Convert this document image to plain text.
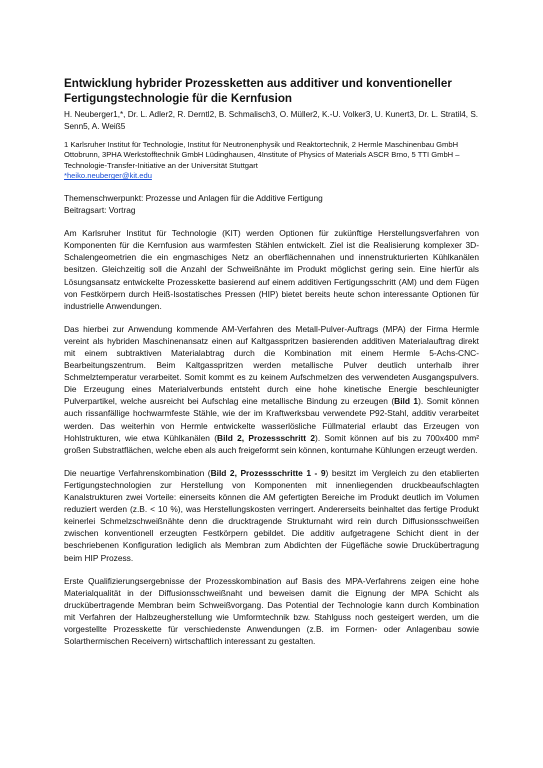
Entwicklung hybrider Prozessketten aus additiver und konventioneller Fertigungstechnologie für die Kernfusion
H. Neuberger1,*, Dr. L. Adler2, R. Derntl2, B. Schmalisch3, O. Müller2, K.-U. Volker3, U. Kunert3, Dr. L. Stratil4, S. Senn5, A. Weiß5
1 Karlsruher Institut für Technologie, Institut für Neutronenphysik und Reaktortechnik, 2 Hermle Maschinenbau GmbH Ottobrunn, 3PHA Werkstofftechnik GmbH Lüdinghausen, 4Institute of Physics of Materials ASCR Brno, 5 TTI GmbH – Technologie-Transfer-Initiative an der Universität Stuttgart
*heiko.neuberger@kit.edu
Themenschwerpunkt: Prozesse und Anlagen für die Additive Fertigung
Beitragsart: Vortrag

Am Karlsruher Institut für Technologie (KIT) werden Optionen für zukünftige Herstellungsverfahren von Komponenten für die Kernfusion aus warmfesten Stählen entwickelt. Ziel ist die Realisierung komplexer 3D-Schalengeometrien die ein engmaschiges Netz an oberflächennahen und innenstrukturierten Kühlkanälen besitzen. Gleichzeitig soll die Anzahl der Schweißnähte im Produkt möglichst gering sein. Eine hierfür als Lösungsansatz entwickelte Prozesskette basierend auf einem additiven Fertigungsschritt (AM) und dem Fügen von Festkörpern durch Heiß-Isostatisches Pressen (HIP) bietet bereits heute schon interessante Optionen für industrielle Anwendungen.

Das hierbei zur Anwendung kommende AM-Verfahren des Metall-Pulver-Auftrags (MPA) der Firma Hermle vereint als hybriden Maschinenansatz einen auf Kaltgasspritzen basierenden additiven Materialauftrag direkt mit einem subtraktiven Materialabtrag durch die Kombination mit einem Hermle 5-Achs-CNC-Bearbeitungszentrum. Beim Kaltgasspritzen werden metallische Pulver deutlich unterhalb ihrer Schmelztemperatur verarbeitet. Somit kommt es zu keinem Aufschmelzen des verwendeten Ausgangspulvers. Die Erzeugung eines Materialverbunds entsteht durch eine hohe kinetische Energie beschleunigter Pulverpartikel, welche ausreicht bei Aufschlag eine metallische Bindung zu erzeugen (Bild 1). Somit können auch rissanfällige hochwarmfeste Stähle, wie der im Kraftwerksbau verwendete P92-Stahl, additiv verarbeitet werden. Das weiterhin von Hermle entwickelte wasserlösliche Füllmaterial erlaubt das Erzeugen von Hohlstrukturen, wie etwa Kühlkanälen (Bild 2, Prozessschritt 2). Somit können auf bis zu 700x400 mm² großen Substratflächen, welche eben als auch freigeformt sein können, konturnahe Kühlungen erzeugt werden.

Die neuartige Verfahrenskombination (Bild 2, Prozessschritte 1 - 9) besitzt im Vergleich zu den etablierten Fertigungstechnologien zur Herstellung von Komponenten mit innenliegenden druckbeaufschlagten Kanalstrukturen zwei Vorteile: einerseits können die AM gefertigten Bereiche im Produkt deutlich im Volumen reduziert werden (z.B. < 10 %), was Herstellungskosten verringert. Andererseits beinhaltet das fertige Produkt keinerlei Schmelzschweißnähte denn die drucktragende Strukturnaht wird rein durch Diffusionsschweißen zwischen konventionell erzeugten Festkörpern gebildet. Die additiv aufgetragene Schicht dient in der beschriebenen Konfiguration lediglich als Membran zum Abdichten der Fügefläche sowie Druckübertragung beim HIP Prozess.

Erste Qualifizierungsergebnisse der Prozesskombination auf Basis des MPA-Verfahrens zeigen eine hohe Materialqualität in der Diffusionsschweißnaht und beweisen damit die Eignung der MPA Schicht als druckübertragende Membran beim Schweißvorgang. Das Potential der Technologie kann durch Kombination mit Verfahren der Halbzeugherstellung wie Umformtechnik bzw. Stahlguss noch gesteigert werden, um die vorgestellte Prozesskette für verschiedenste Anwendungen (z.B. im Formen- oder Anlagenbau sowie Solarthermischen Receivern) wirtschaftlich interessant zu gestalten.
